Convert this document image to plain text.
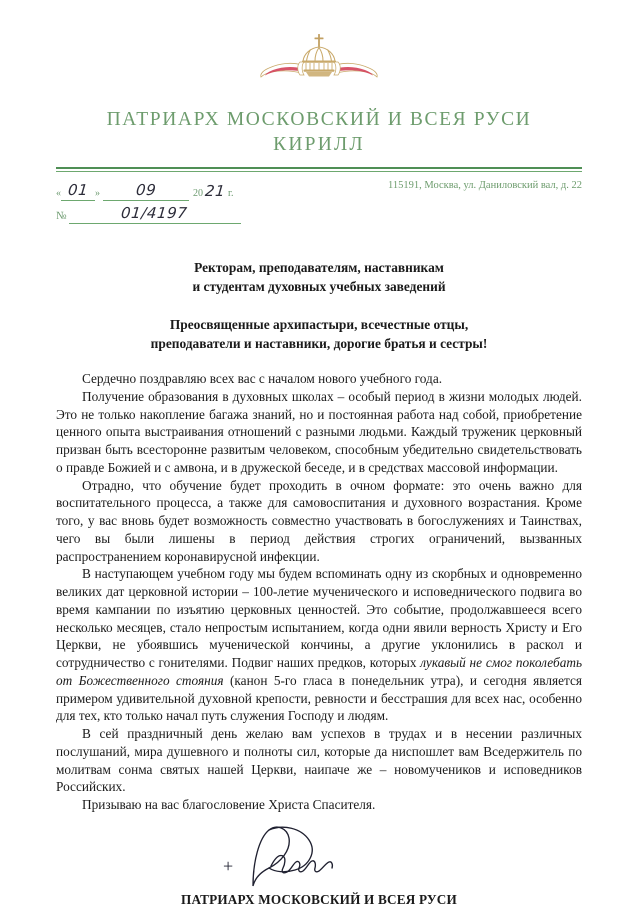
ПАТРИАРХ МОСКОВСКИЙ И ВСЕЯ РУСИ
КИРИЛЛ
« 01 »	09	20 21 г.
№	01/4197
115191, Москва, ул. Даниловский вал, д. 22
Ректорам, преподавателям, наставникам
и студентам духовных учебных заведений
Преосвященные архипастыри, всечестные отцы,
преподаватели и наставники, дорогие братья и сестры!

Сердечно поздравляю всех вас с началом нового учебного года.

Получение образования в духовных школах – особый период в жизни молодых людей. Это не только накопление багажа знаний, но и постоянная работа над собой, приобретение ценного опыта выстраивания отношений с разными людьми. Каждый труженик церковный призван быть всесторонне развитым человеком, способным убедительно свидетельствовать о правде Божией и с амвона, и в дружеской беседе, и в средствах массовой информации.

Отрадно, что обучение будет проходить в очном формате: это очень важно для воспитательного процесса, а также для самовоспитания и духовного возрастания. Кроме того, у вас вновь будет возможность совместно участвовать в богослужениях и Таинствах, чего вы были лишены в период действия строгих ограничений, вызванных распространением коронавирусной инфекции.

В наступающем учебном году мы будем вспоминать одну из скорбных и одновременно великих дат церковной истории – 100-летие мученического и исповеднического подвига во время кампании по изъятию церковных ценностей. Это событие, продолжавшееся всего несколько месяцев, стало непростым испытанием, когда одни явили верность Христу и Его Церкви, не убоявшись мученической кончины, а другие уклонились в раскол и сотрудничество с гонителями. Подвиг наших предков, которых лукавый не смог поколебать от Божественного стояния (канон 5-го гласа в понедельник утра), и сегодня является примером удивительной духовной крепости, ревности и бесстрашия для всех нас, особенно для тех, кто только начал путь служения Господу и людям.

В сей праздничный день желаю вам успехов в трудах и в несении различных послушаний, мира душевного и полноты сил, которые да ниспошлет вам Вседержитель по молитвам сонма святых нашей Церкви, наипаче же – новомучеников и исповедников Российских.

Призываю на вас благословение Христа Спасителя.

+
ПАТРИАРХ МОСКОВСКИЙ И ВСЕЯ РУСИ
